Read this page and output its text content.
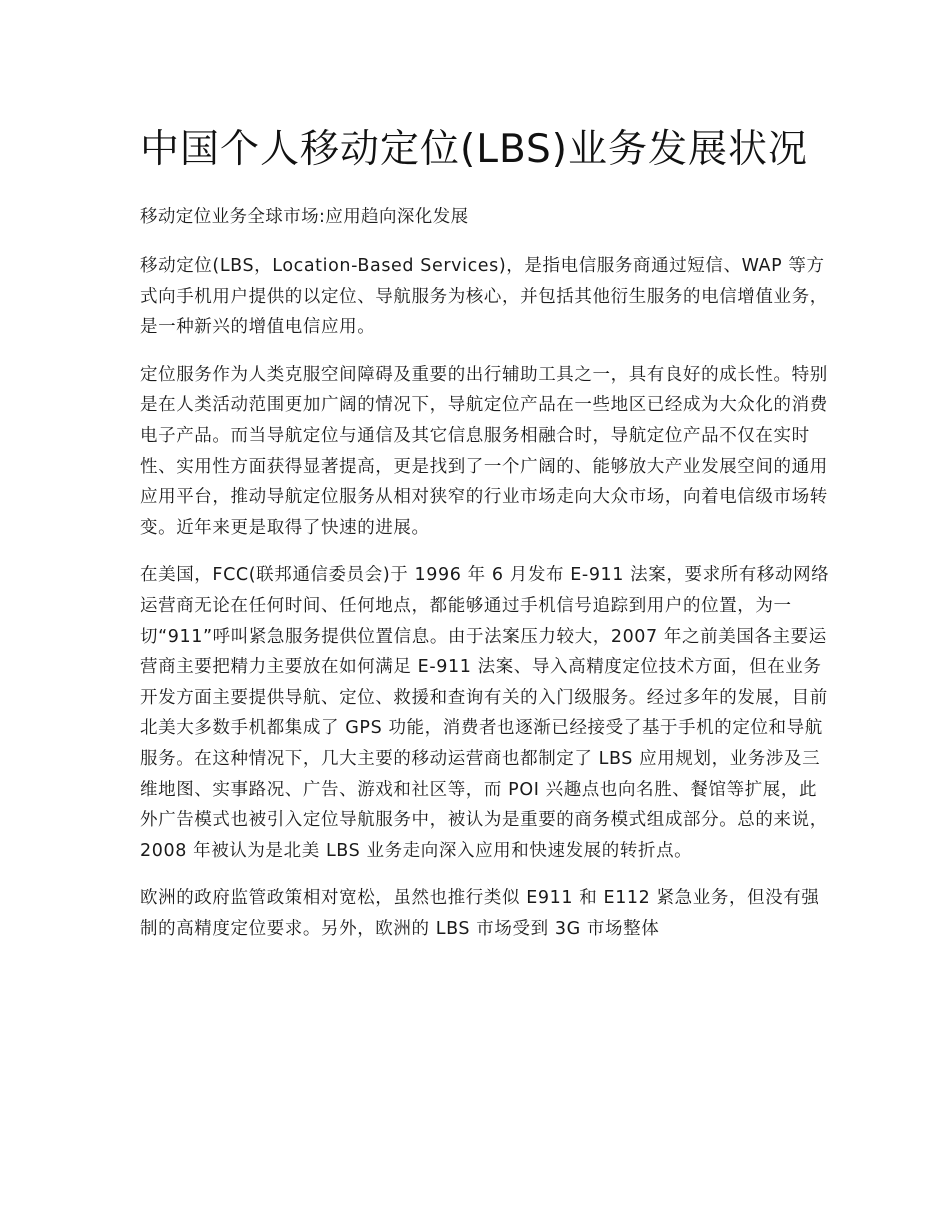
中国个人移动定位(LBS)业务发展状况

移动定位业务全球市场:应用趋向深化发展

移动定位(LBS，Location-Based Services)，是指电信服务商通过短信、WAP 等方式向手机用户提供的以定位、导航服务为核心，并包括其他衍生服务的电信增值业务，是一种新兴的增值电信应用。

定位服务作为人类克服空间障碍及重要的出行辅助工具之一，具有良好的成长性。特别是在人类活动范围更加广阔的情况下，导航定位产品在一些地区已经成为大众化的消费电子产品。而当导航定位与通信及其它信息服务相融合时，导航定位产品不仅在实时性、实用性方面获得显著提高，更是找到了一个广阔的、能够放大产业发展空间的通用应用平台，推动导航定位服务从相对狭窄的行业市场走向大众市场，向着电信级市场转变。近年来更是取得了快速的进展。

在美国，FCC(联邦通信委员会)于 1996 年 6 月发布 E-911 法案，要求所有移动网络运营商无论在任何时间、任何地点，都能够通过手机信号追踪到用户的位置，为一切“911”呼叫紧急服务提供位置信息。由于法案压力较大，2007 年之前美国各主要运营商主要把精力主要放在如何满足 E-911 法案、导入高精度定位技术方面，但在业务开发方面主要提供导航、定位、救援和查询有关的入门级服务。经过多年的发展，目前北美大多数手机都集成了 GPS 功能，消费者也逐渐已经接受了基于手机的定位和导航服务。在这种情况下，几大主要的移动运营商也都制定了 LBS 应用规划，业务涉及三维地图、实事路况、广告、游戏和社区等，而 POI 兴趣点也向名胜、餐馆等扩展，此外广告模式也被引入定位导航服务中，被认为是重要的商务模式组成部分。总的来说，2008 年被认为是北美 LBS 业务走向深入应用和快速发展的转折点。

欧洲的政府监管政策相对宽松，虽然也推行类似 E911 和 E112 紧急业务，但没有强制的高精度定位要求。另外，欧洲的 LBS 市场受到 3G 市场整体
